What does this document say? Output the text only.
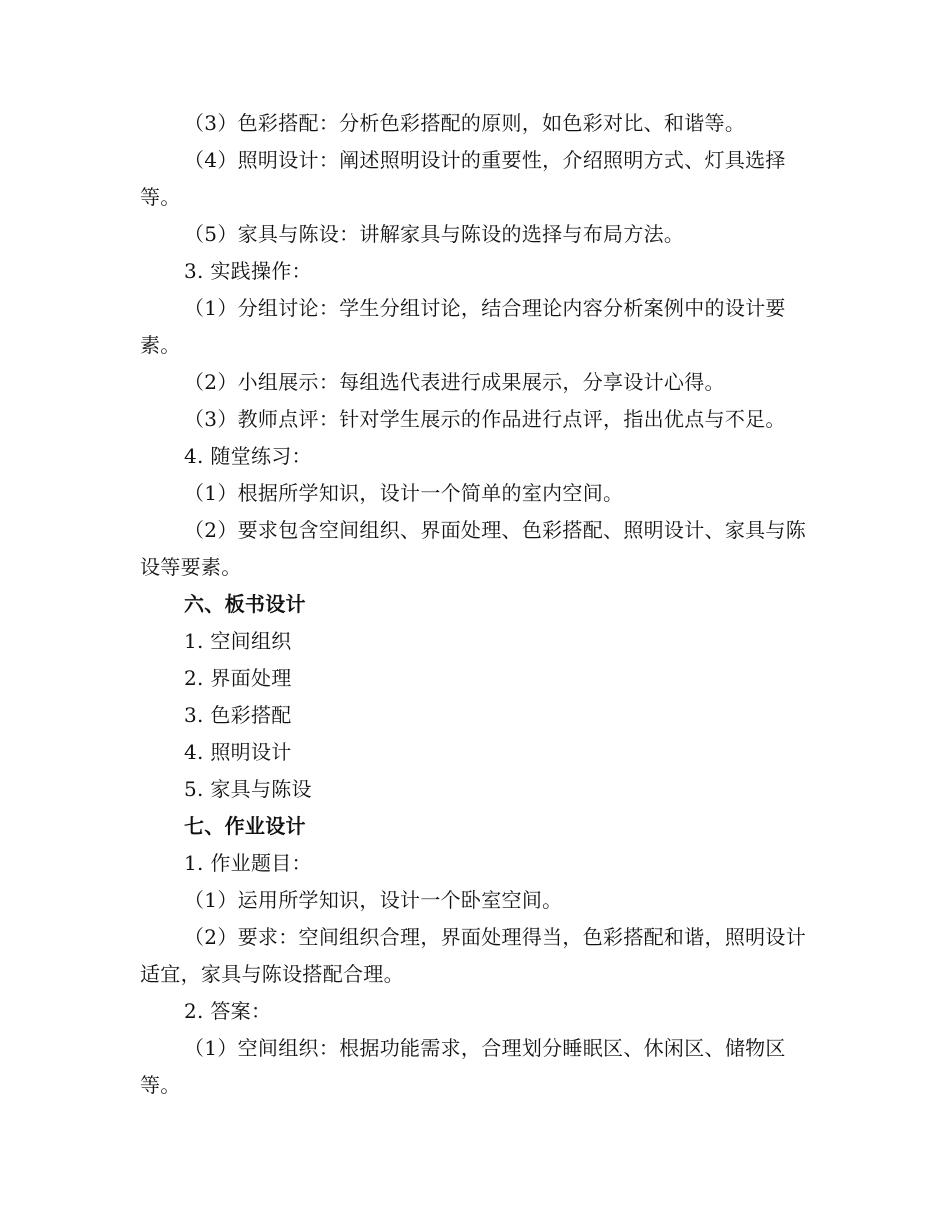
（3）色彩搭配：分析色彩搭配的原则，如色彩对比、和谐等。

（4）照明设计：阐述照明设计的重要性，介绍照明方式、灯具选择等。

（5）家具与陈设：讲解家具与陈设的选择与布局方法。

3. 实践操作：

（1）分组讨论：学生分组讨论，结合理论内容分析案例中的设计要素。

（2）小组展示：每组选代表进行成果展示，分享设计心得。

（3）教师点评：针对学生展示的作品进行点评，指出优点与不足。

4. 随堂练习：

（1）根据所学知识，设计一个简单的室内空间。

（2）要求包含空间组织、界面处理、色彩搭配、照明设计、家具与陈设等要素。

六、板书设计

1. 空间组织

2. 界面处理

3. 色彩搭配

4. 照明设计

5. 家具与陈设

七、作业设计

1. 作业题目：

（1）运用所学知识，设计一个卧室空间。

（2）要求：空间组织合理，界面处理得当，色彩搭配和谐，照明设计适宜，家具与陈设搭配合理。

2. 答案：

（1）空间组织：根据功能需求，合理划分睡眠区、休闲区、储物区等。
